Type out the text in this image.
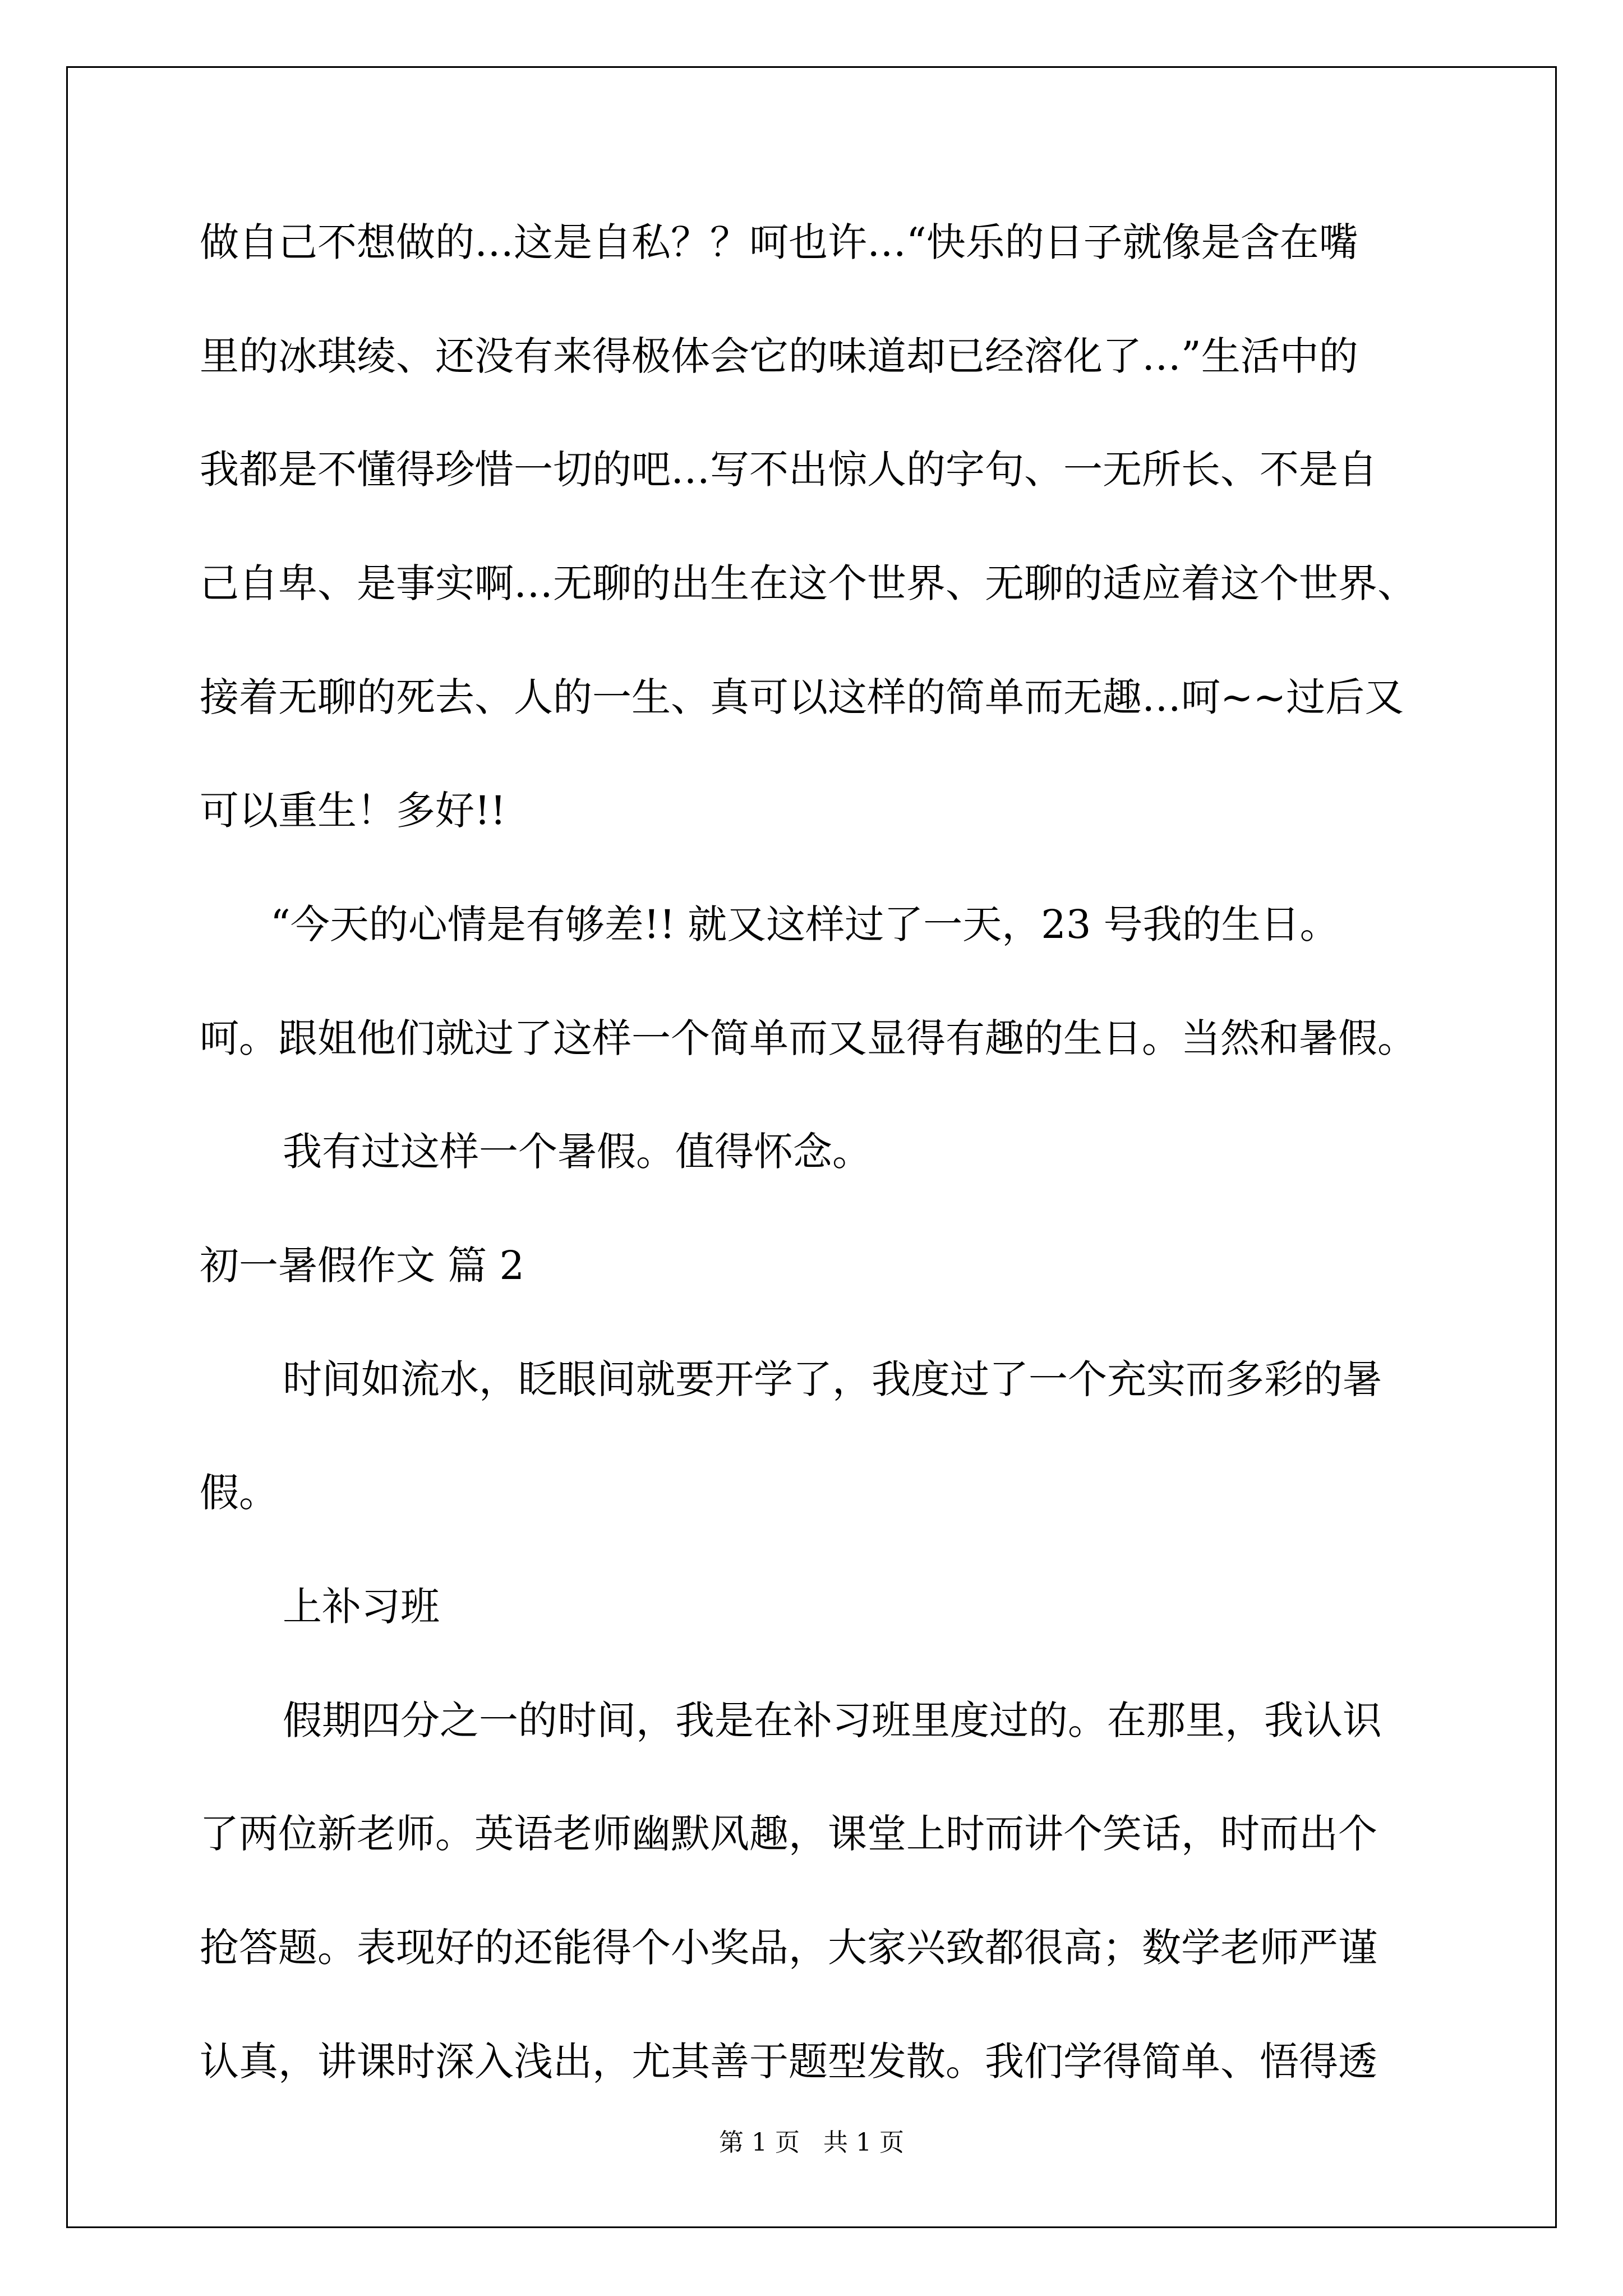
做自己不想做的…这是自私？？呵也许…“快乐的日子就像是含在嘴
里的冰琪绫、还没有来得极体会它的味道却已经溶化了…”生活中的
我都是不懂得珍惜一切的吧…写不出惊人的字句、一无所长、不是自
己自卑、是事实啊…无聊的出生在这个世界、无聊的适应着这个世界、
接着无聊的死去、人的一生、真可以这样的简单而无趣…呵~~过后又
可以重生！多好!!
“今天的心情是有够差!! 就又这样过了一天，23 号我的生日。
呵。跟姐他们就过了这样一个简单而又显得有趣的生日。当然和暑假。
我有过这样一个暑假。值得怀念。
初一暑假作文 篇 2
时间如流水，眨眼间就要开学了，我度过了一个充实而多彩的暑
假。
上补习班
假期四分之一的时间，我是在补习班里度过的。在那里，我认识
了两位新老师。英语老师幽默风趣，课堂上时而讲个笑话，时而出个
抢答题。表现好的还能得个小奖品，大家兴致都很高；数学老师严谨
认真，讲课时深入浅出，尤其善于题型发散。我们学得简单、悟得透
第 1 页   共 1 页
